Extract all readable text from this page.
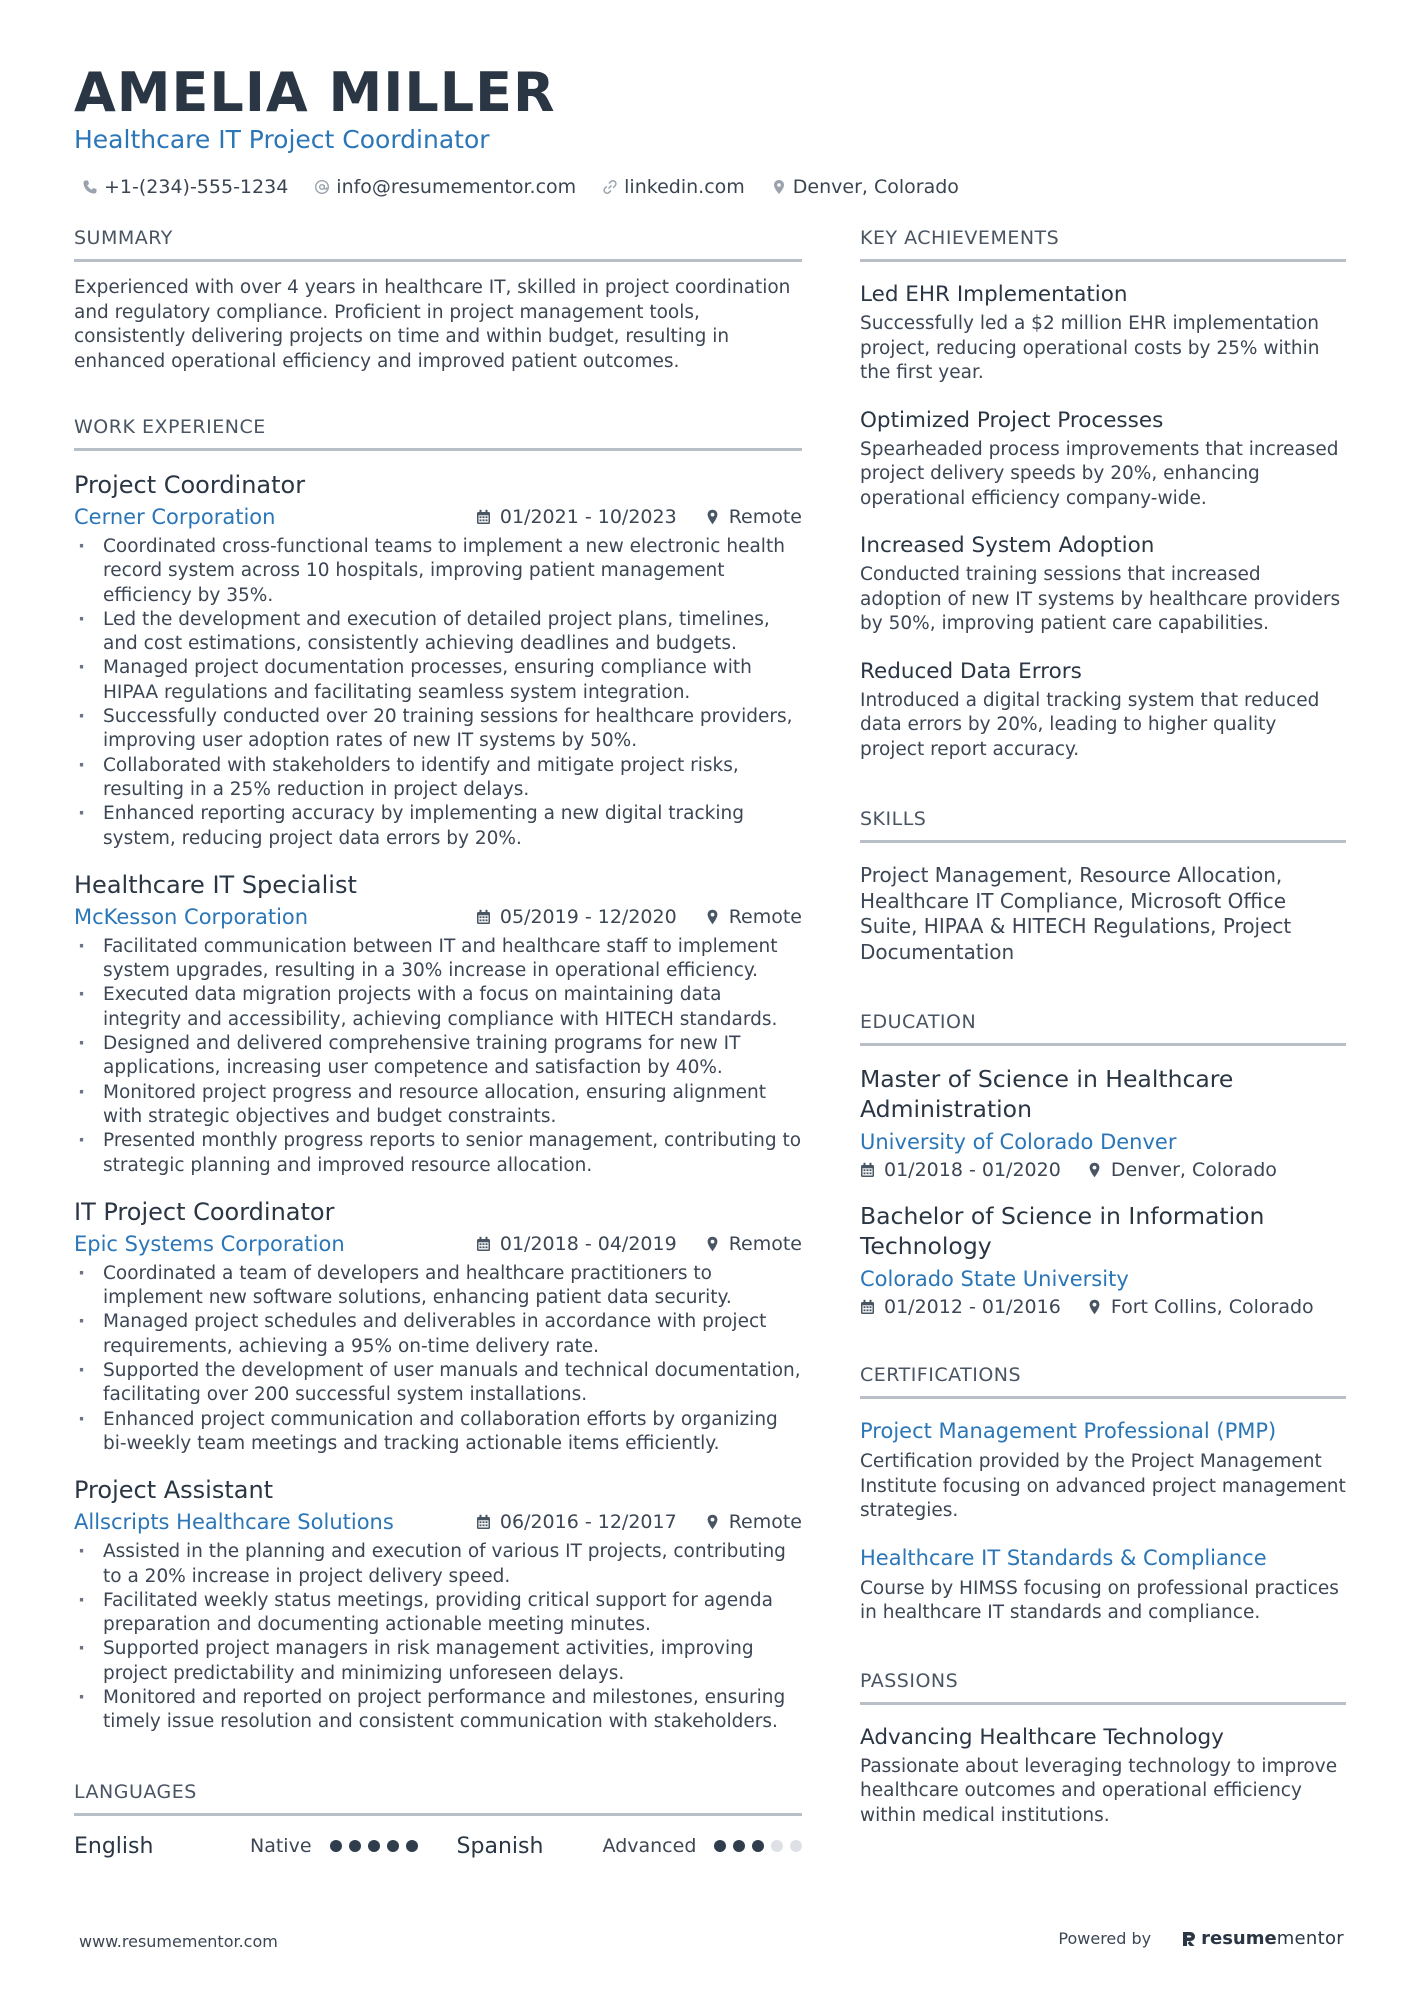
AMELIA MILLER
Healthcare IT Project Coordinator
+1-(234)-555-1234	info@resumementor.com	linkedin.com	Denver, Colorado
SUMMARY
Experienced with over 4 years in healthcare IT, skilled in project coordination and regulatory compliance. Proficient in project management tools, consistently delivering projects on time and within budget, resulting in enhanced operational efficiency and improved patient outcomes.
WORK EXPERIENCE
Project Coordinator
Cerner Corporation	01/2021 - 10/2023	Remote
· Coordinated cross-functional teams to implement a new electronic health record system across 10 hospitals, improving patient management efficiency by 35%.
· Led the development and execution of detailed project plans, timelines, and cost estimations, consistently achieving deadlines and budgets.
· Managed project documentation processes, ensuring compliance with HIPAA regulations and facilitating seamless system integration.
· Successfully conducted over 20 training sessions for healthcare providers, improving user adoption rates of new IT systems by 50%.
· Collaborated with stakeholders to identify and mitigate project risks, resulting in a 25% reduction in project delays.
· Enhanced reporting accuracy by implementing a new digital tracking system, reducing project data errors by 20%.
Healthcare IT Specialist
McKesson Corporation	05/2019 - 12/2020	Remote
· Facilitated communication between IT and healthcare staff to implement system upgrades, resulting in a 30% increase in operational efficiency.
· Executed data migration projects with a focus on maintaining data integrity and accessibility, achieving compliance with HITECH standards.
· Designed and delivered comprehensive training programs for new IT applications, increasing user competence and satisfaction by 40%.
· Monitored project progress and resource allocation, ensuring alignment with strategic objectives and budget constraints.
· Presented monthly progress reports to senior management, contributing to strategic planning and improved resource allocation.
IT Project Coordinator
Epic Systems Corporation	01/2018 - 04/2019	Remote
· Coordinated a team of developers and healthcare practitioners to implement new software solutions, enhancing patient data security.
· Managed project schedules and deliverables in accordance with project requirements, achieving a 95% on-time delivery rate.
· Supported the development of user manuals and technical documentation, facilitating over 200 successful system installations.
· Enhanced project communication and collaboration efforts by organizing bi-weekly team meetings and tracking actionable items efficiently.
Project Assistant
Allscripts Healthcare Solutions	06/2016 - 12/2017	Remote
· Assisted in the planning and execution of various IT projects, contributing to a 20% increase in project delivery speed.
· Facilitated weekly status meetings, providing critical support for agenda preparation and documenting actionable meeting minutes.
· Supported project managers in risk management activities, improving project predictability and minimizing unforeseen delays.
· Monitored and reported on project performance and milestones, ensuring timely issue resolution and consistent communication with stakeholders.
LANGUAGES
English	Native	Spanish	Advanced
KEY ACHIEVEMENTS
Led EHR Implementation
Successfully led a $2 million EHR implementation project, reducing operational costs by 25% within the first year.
Optimized Project Processes
Spearheaded process improvements that increased project delivery speeds by 20%, enhancing operational efficiency company-wide.
Increased System Adoption
Conducted training sessions that increased adoption of new IT systems by healthcare providers by 50%, improving patient care capabilities.
Reduced Data Errors
Introduced a digital tracking system that reduced data errors by 20%, leading to higher quality project report accuracy.
SKILLS
Project Management, Resource Allocation, Healthcare IT Compliance, Microsoft Office Suite, HIPAA & HITECH Regulations, Project Documentation
EDUCATION
Master of Science in Healthcare Administration
University of Colorado Denver
01/2018 - 01/2020	Denver, Colorado
Bachelor of Science in Information Technology
Colorado State University
01/2012 - 01/2016	Fort Collins, Colorado
CERTIFICATIONS
Project Management Professional (PMP)
Certification provided by the Project Management Institute focusing on advanced project management strategies.
Healthcare IT Standards & Compliance
Course by HIMSS focusing on professional practices in healthcare IT standards and compliance.
PASSIONS
Advancing Healthcare Technology
Passionate about leveraging technology to improve healthcare outcomes and operational efficiency within medical institutions.
www.resumementor.com	Powered by	resume mentor
